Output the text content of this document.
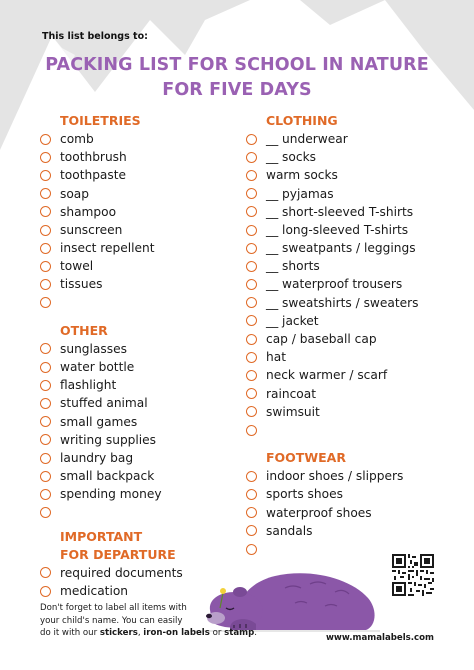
This list belongs to:
PACKING LIST FOR SCHOOL IN NATURE
FOR FIVE DAYS
TOILETRIES
comb
toothbrush
toothpaste
soap
shampoo
sunscreen
insect repellent
towel
tissues
OTHER
sunglasses
water bottle
flashlight
stuffed animal
small games
writing supplies
laundry bag
small backpack
spending money
IMPORTANT
FOR DEPARTURE
required documents
medication
CLOTHING
__ underwear
__ socks
warm socks
__ pyjamas
__ short-sleeved T-shirts
__ long-sleeved T-shirts
__ sweatpants / leggings
__ shorts
__ waterproof trousers
__ sweatshirts / sweaters
__ jacket
cap / baseball cap
hat
neck warmer / scarf
raincoat
swimsuit
FOOTWEAR
indoor shoes / slippers
sports shoes
waterproof shoes
sandals
Don't forget to label all items with
your child's name. You can easily
do it with our stickers, iron-on labels or stamp.	www.mamalabels.com
